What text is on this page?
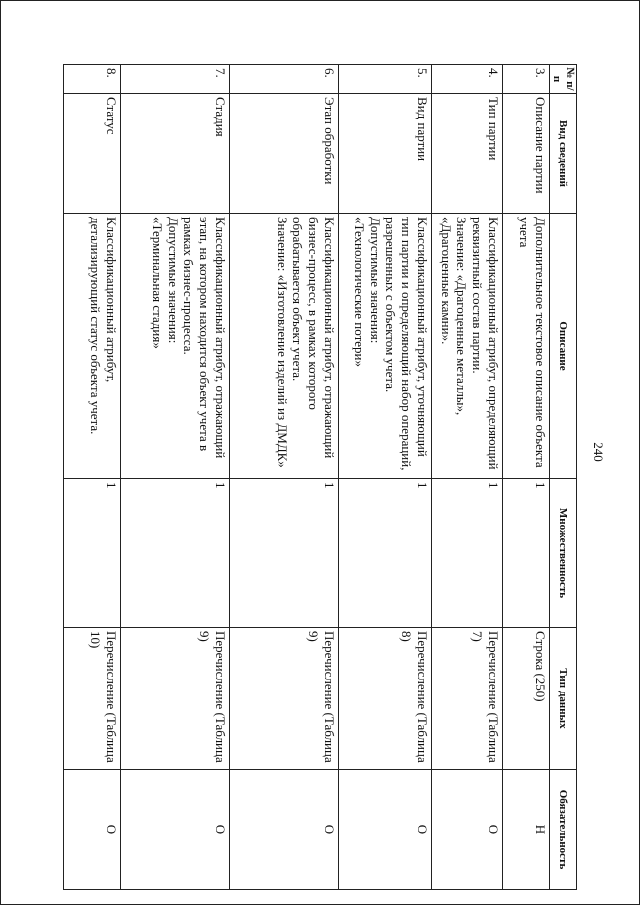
240
№ п/п	Вид сведений	Описание	Множественность	Тип данных	Обязательность
3.	Описание партии	Дополнительное текстовое описание объекта учета	1	Строка (250)	Н
4.	Тип партии	Классификационный атрибут, определяющий реквизитный состав партии.
Значение: «Драгоценные металлы», «Драгоценные камни».	1	Перечисление (Таблица 7)	О
5.	Вид партии	Классификационный атрибут, уточняющий тип партии и определяющий набор операций, разрешенных с объектом учета.
Допустимые значения:
«Технологические потери»	1	Перечисление (Таблица 8)	О
6.	Этап обработки	Классификационный атрибут, отражающий бизнес-процесс, в рамках которого обрабатывается объект учета.
Значение: «Изготовление изделий из ДМДК»	1	Перечисление (Таблица 9)	О
7.	Стадия	Классификационный атрибут, отражающий этап, на котором находится объект учета в рамках бизнес-процесса.
Допустимые значения:
«Терминальная стадия»	1	Перечисление (Таблица 9)	О
8.	Статус	Классификационный атрибут, детализирующий статус объекта учета.	1	Перечисление (Таблица 10)	О
